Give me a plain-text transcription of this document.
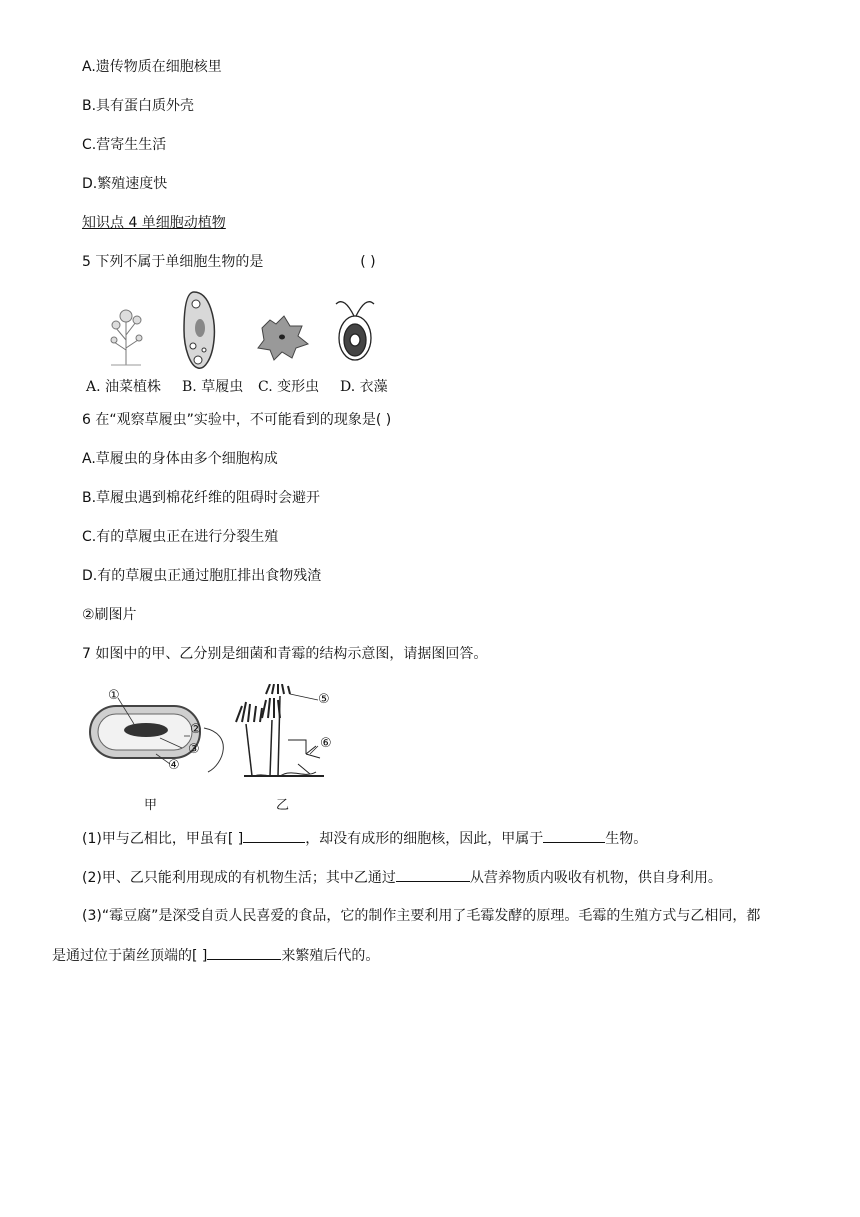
A.遗传物质在细胞核里
B.具有蛋白质外壳
C.营寄生生活
D.繁殖速度快
知识点 4 单细胞动植物
5 下列不属于单细胞生物的是	( )
A. 油菜植株 B. 草履虫 C. 变形虫 D. 衣藻
6 在“观察草履虫”实验中，不可能看到的现象是( )
A.草履虫的身体由多个细胞构成
B.草履虫遇到棉花纤维的阻碍时会避开
C.有的草履虫正在进行分裂生殖
D.有的草履虫正通过胞肛排出食物残渣
②刷图片
7 如图中的甲、乙分别是细菌和青霉的结构示意图，请据图回答。
①
②
③
④
⑤
⑥
甲	乙
(1)甲与乙相比，甲虽有[ ]	，却没有成形的细胞核，因此，甲属于	生物。
(2)甲、乙只能利用现成的有机物生活；其中乙通过	从营养物质内吸收有机物，供自身利用。
(3)“霉豆腐”是深受自贡人民喜爱的食品，它的制作主要利用了毛霉发酵的原理。毛霉的生殖方式与乙相同，都
是通过位于菌丝顶端的[ ]	来繁殖后代的。
